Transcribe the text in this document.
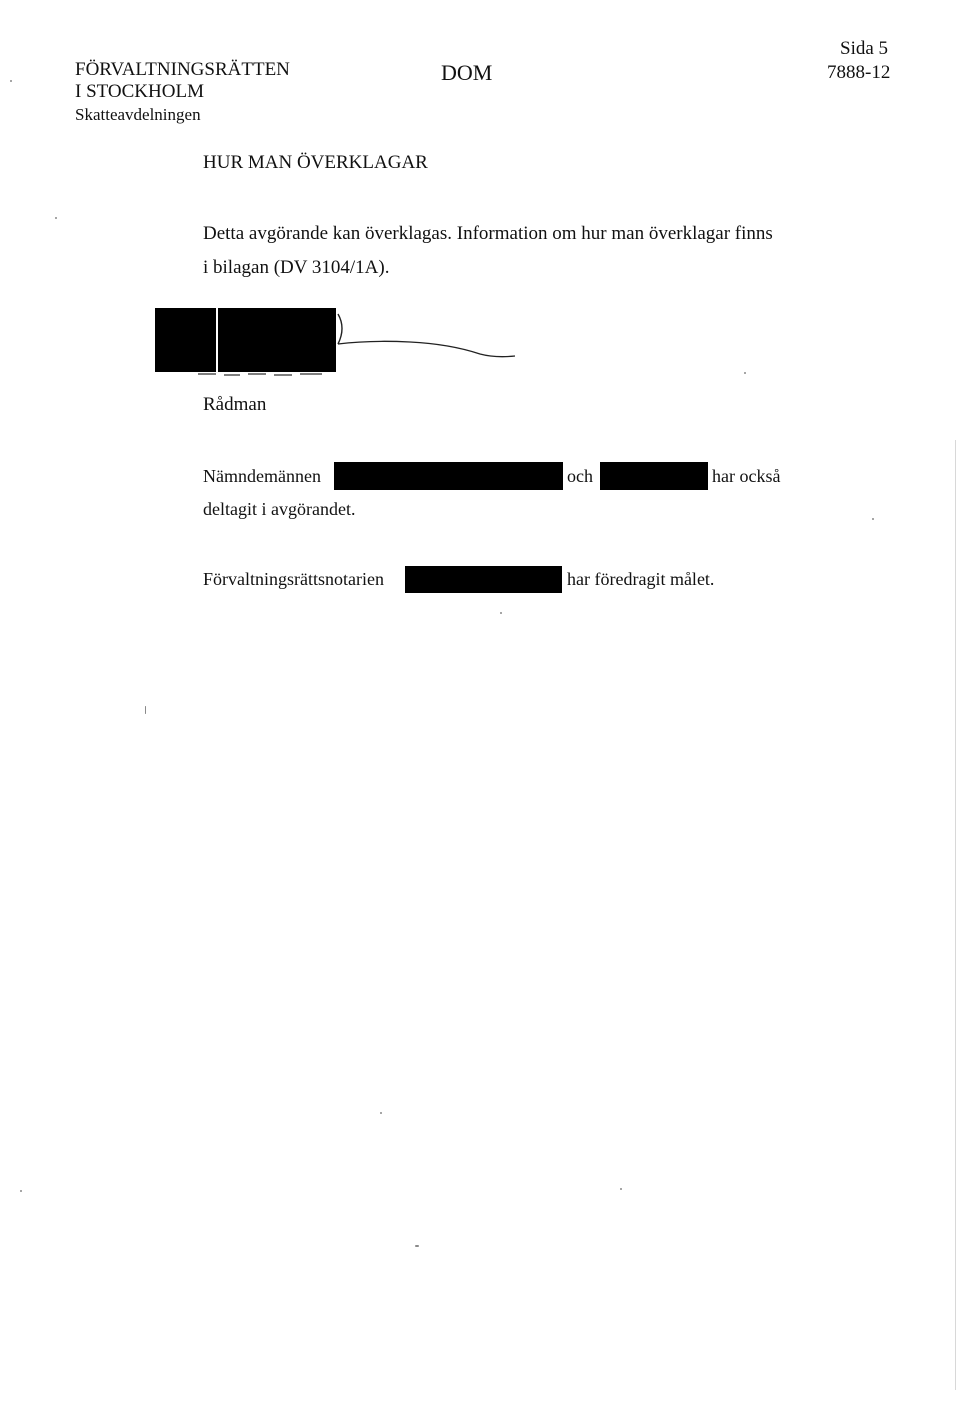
FÖRVALTNINGSRÄTTEN
I STOCKHOLM
Skatteavdelningen
DOM
Sida 5
7888-12
HUR MAN ÖVERKLAGAR
Detta avgörande kan överklagas. Information om hur man överklagar finns
i bilagan (DV 3104/1A).
Rådman
Nämndemännen	och	har också
deltagit i avgörandet.
Förvaltningsrättsnotarien	har föredragit målet.
